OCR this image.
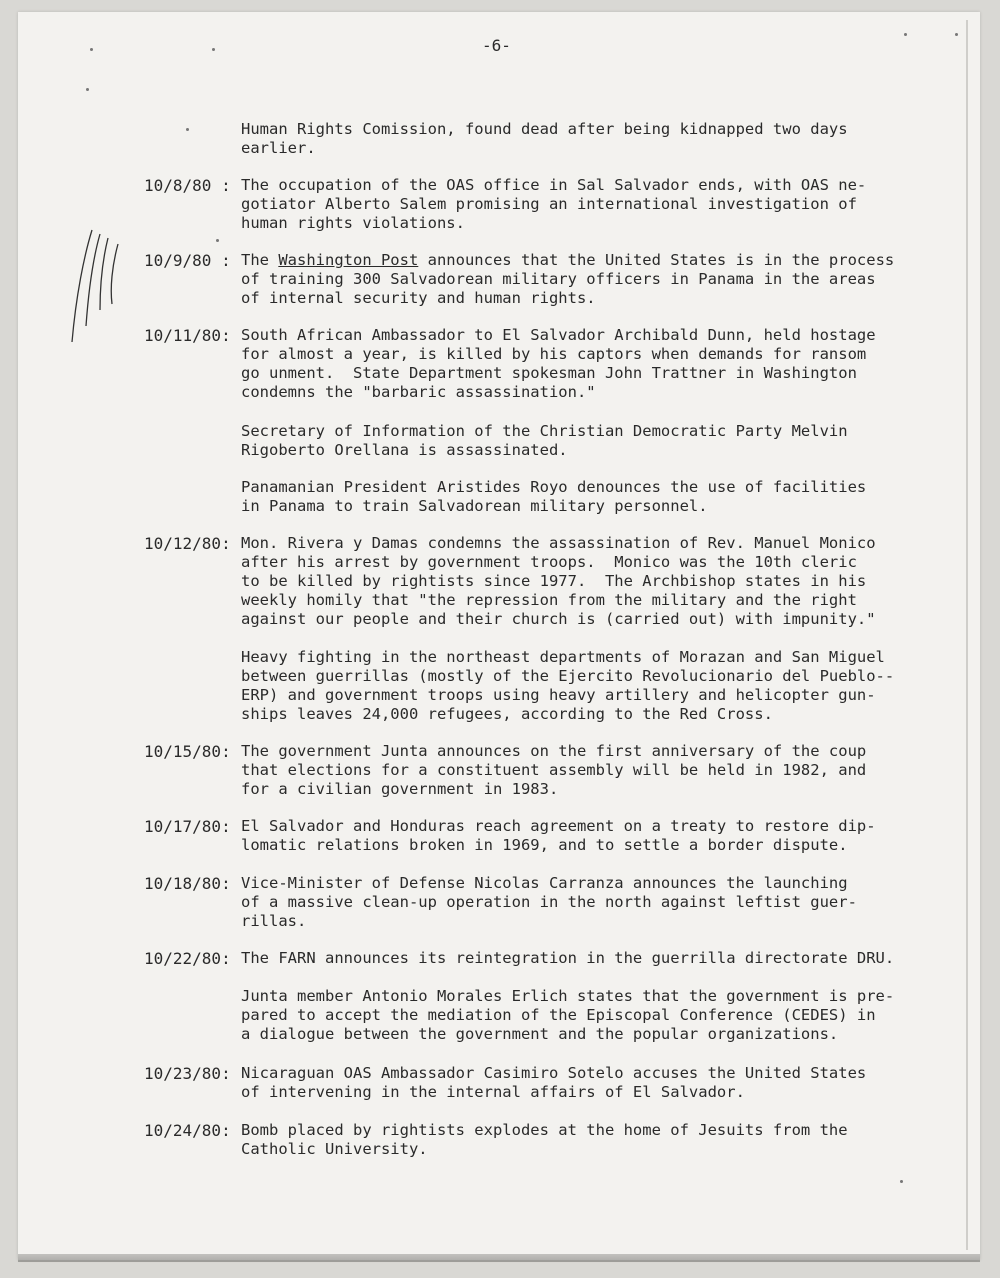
-6-
Human Rights Comission, found dead after being kidnapped two days
earlier.
10/8/80 : The occupation of the OAS office in Sal Salvador ends, with OAS ne-
gotiator Alberto Salem promising an international investigation of
human rights violations.
10/9/80 : The Washington Post announces that the United States is in the process
of training 300 Salvadorean military officers in Panama in the areas
of internal security and human rights.
10/11/80: South African Ambassador to El Salvador Archibald Dunn, held hostage
for almost a year, is killed by his captors when demands for ransom
go unment.  State Department spokesman John Trattner in Washington
condemns the "barbaric assassination."
Secretary of Information of the Christian Democratic Party Melvin
Rigoberto Orellana is assassinated.
Panamanian President Aristides Royo denounces the use of facilities
in Panama to train Salvadorean military personnel.
10/12/80: Mon. Rivera y Damas condemns the assassination of Rev. Manuel Monico
after his arrest by government troops.  Monico was the 10th cleric
to be killed by rightists since 1977.  The Archbishop states in his
weekly homily that "the repression from the military and the right
against our people and their church is (carried out) with impunity."
Heavy fighting in the northeast departments of Morazan and San Miguel
between guerrillas (mostly of the Ejercito Revolucionario del Pueblo--
ERP) and government troops using heavy artillery and helicopter gun-
ships leaves 24,000 refugees, according to the Red Cross.
10/15/80: The government Junta announces on the first anniversary of the coup
that elections for a constituent assembly will be held in 1982, and
for a civilian government in 1983.
10/17/80: El Salvador and Honduras reach agreement on a treaty to restore dip-
lomatic relations broken in 1969, and to settle a border dispute.
10/18/80: Vice-Minister of Defense Nicolas Carranza announces the launching
of a massive clean-up operation in the north against leftist guer-
rillas.
10/22/80: The FARN announces its reintegration in the guerrilla directorate DRU.
Junta member Antonio Morales Erlich states that the government is pre-
pared to accept the mediation of the Episcopal Conference (CEDES) in
a dialogue between the government and the popular organizations.
10/23/80: Nicaraguan OAS Ambassador Casimiro Sotelo accuses the United States
of intervening in the internal affairs of El Salvador.
10/24/80: Bomb placed by rightists explodes at the home of Jesuits from the
Catholic University.
